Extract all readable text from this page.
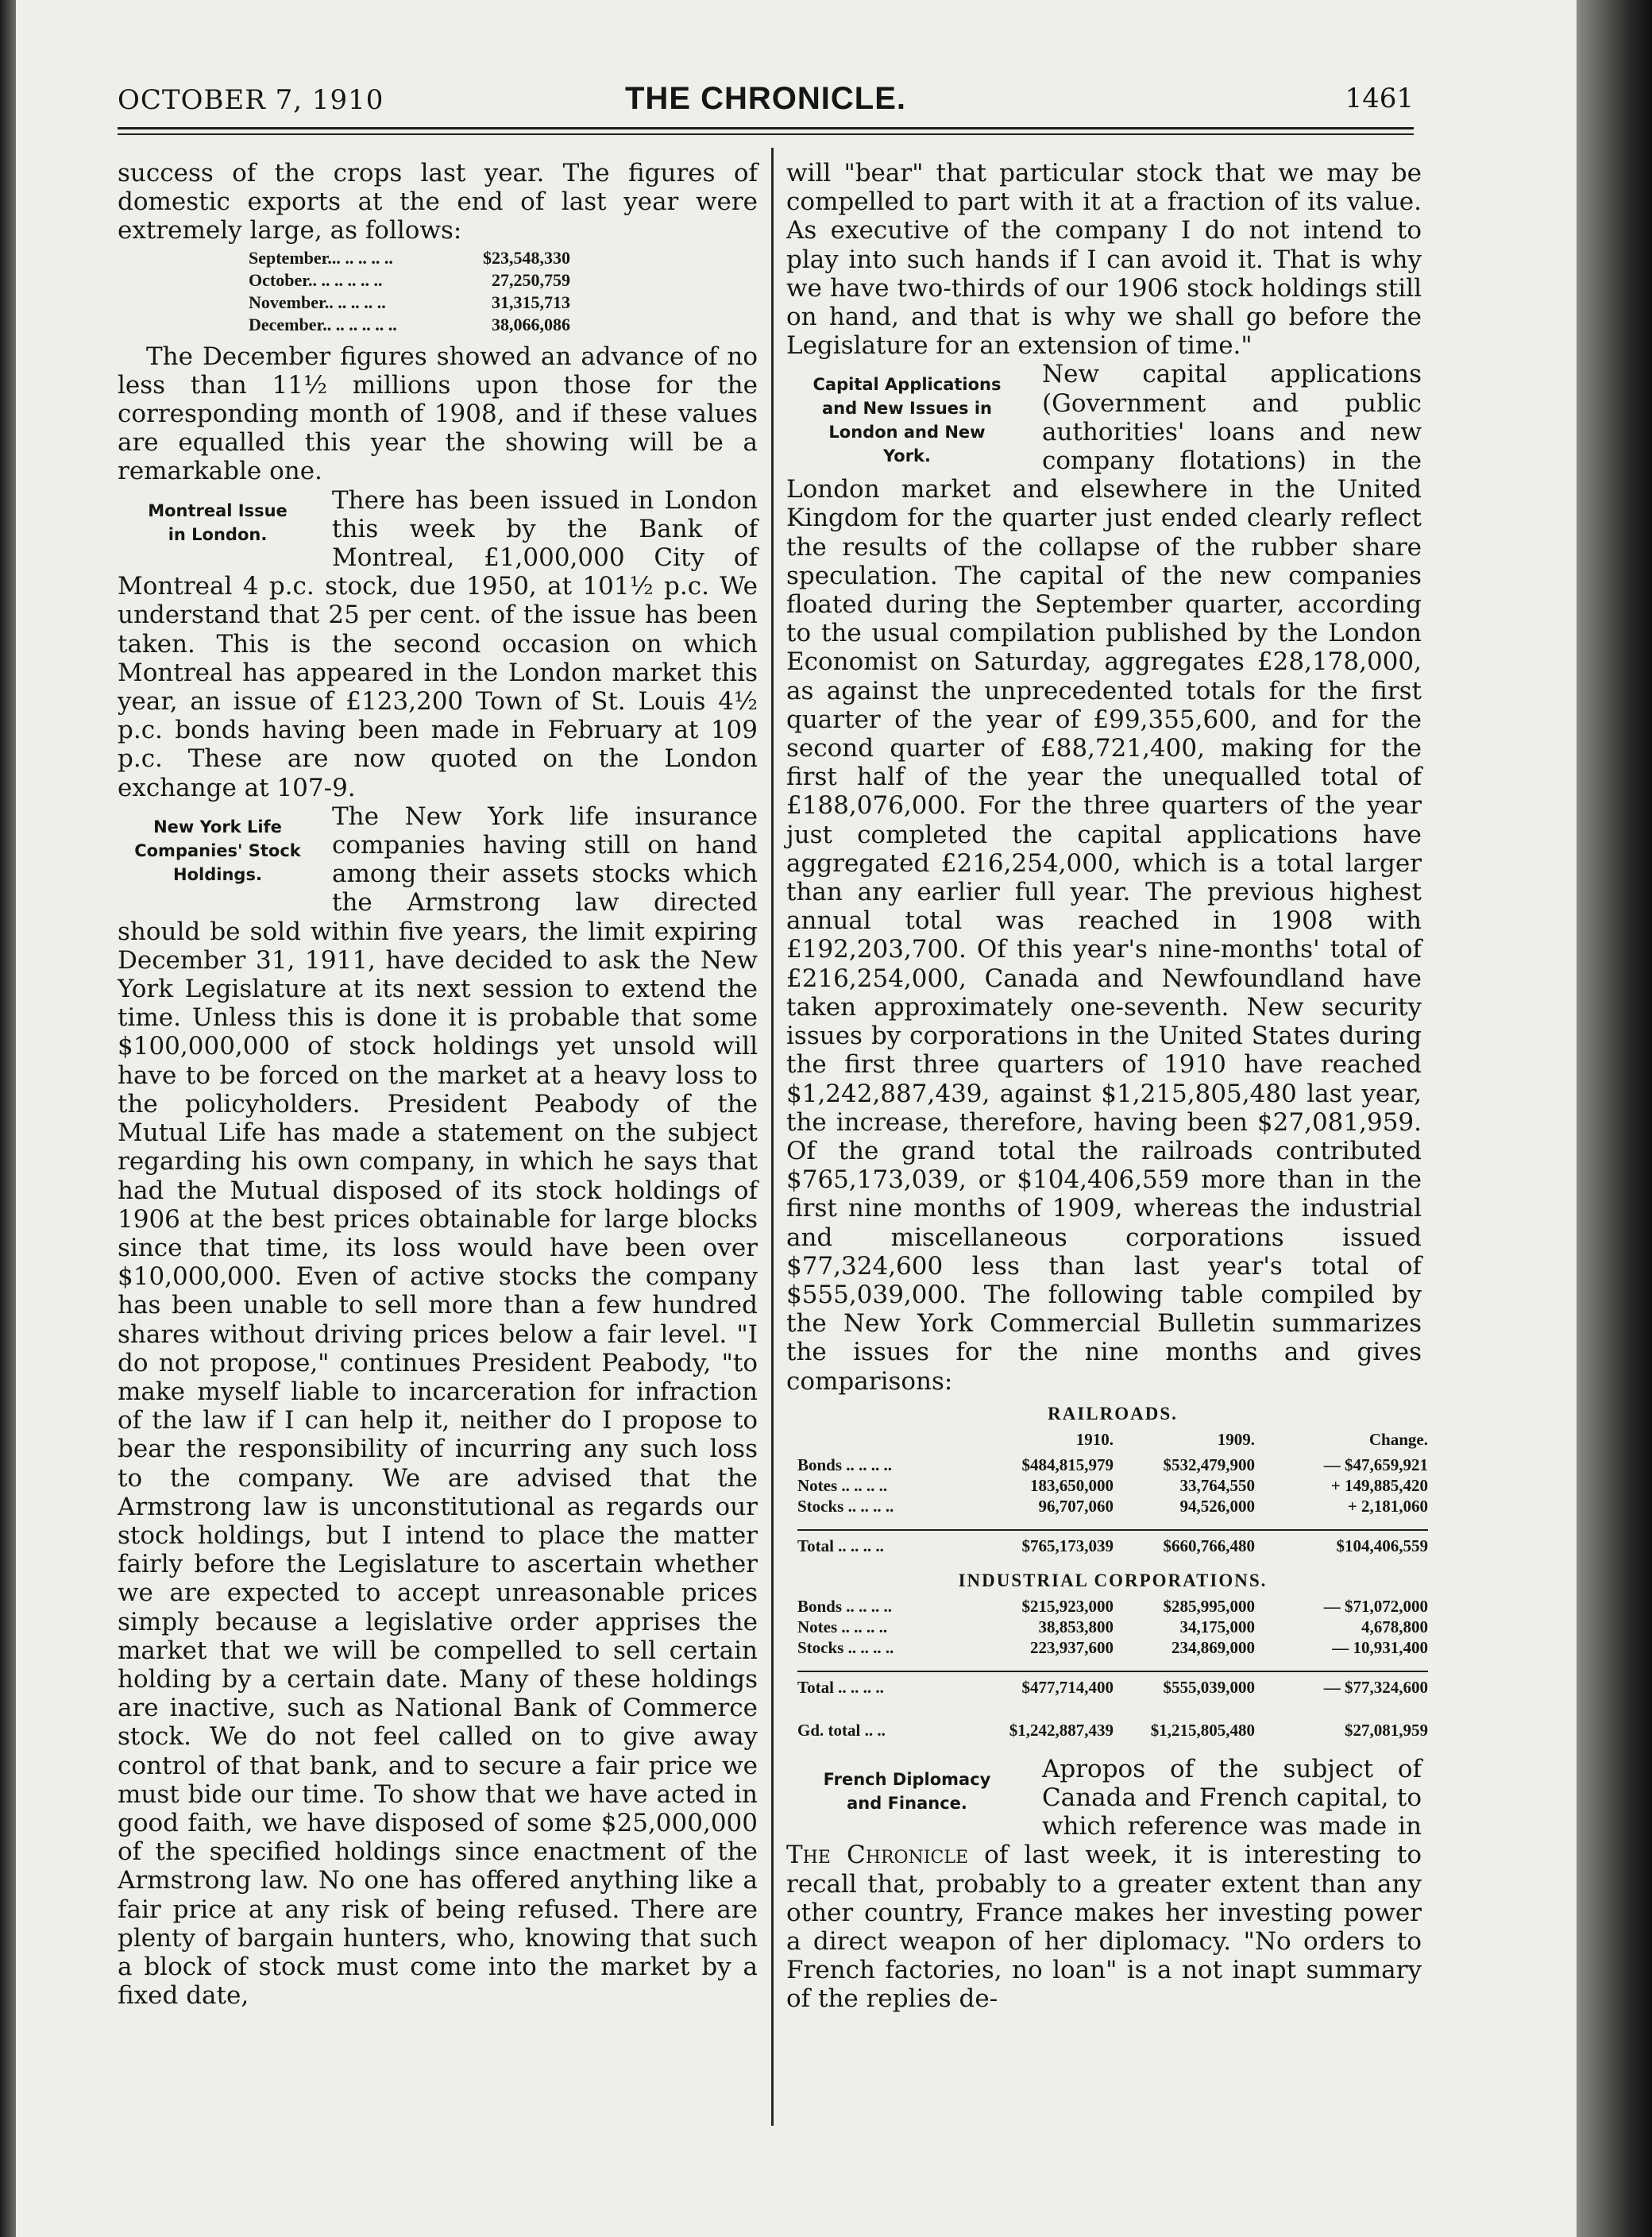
OCTOBER 7, 1910	THE CHRONICLE.	1461

success of the crops last year. The figures of domestic exports at the end of last year were extremely large, as follows:

September... .. .. .. ..	$23,548,330
October.. .. .. .. .. ..	27,250,759
November.. .. .. .. ..	31,315,713
December.. .. .. .. .. ..	38,066,086

The December figures showed an advance of no less than 11½ millions upon those for the corresponding month of 1908, and if these values are equalled this year the showing will be a remarkable one.

Montreal Issue
in London.

There has been issued in London this week by the Bank of Montreal, £1,000,000 City of Montreal 4 p.c. stock, due 1950, at 101½ p.c. We understand that 25 per cent. of the issue has been taken. This is the second occasion on which Montreal has appeared in the London market this year, an issue of £123,200 Town of St. Louis 4½ p.c. bonds having been made in February at 109 p.c. These are now quoted on the London exchange at 107-9.

New York Life
Companies' Stock
Holdings.

The New York life insurance companies having still on hand among their assets stocks which the Armstrong law directed should be sold within five years, the limit expiring December 31, 1911, have decided to ask the New York Legislature at its next session to extend the time. Unless this is done it is probable that some $100,000,000 of stock holdings yet unsold will have to be forced on the market at a heavy loss to the policyholders. President Peabody of the Mutual Life has made a statement on the subject regarding his own company, in which he says that had the Mutual disposed of its stock holdings of 1906 at the best prices obtainable for large blocks since that time, its loss would have been over $10,000,000. Even of active stocks the company has been unable to sell more than a few hundred shares without driving prices below a fair level. "I do not propose," continues President Peabody, "to make myself liable to incarceration for infraction of the law if I can help it, neither do I propose to bear the responsibility of incurring any such loss to the company. We are advised that the Armstrong law is unconstitutional as regards our stock holdings, but I intend to place the matter fairly before the Legislature to ascertain whether we are expected to accept unreasonable prices simply because a legislative order apprises the market that we will be compelled to sell certain holding by a certain date. Many of these holdings are inactive, such as National Bank of Commerce stock. We do not feel called on to give away control of that bank, and to secure a fair price we must bide our time. To show that we have acted in good faith, we have disposed of some $25,000,000 of the specified holdings since enactment of the Armstrong law. No one has offered anything like a fair price at any risk of being refused. There are plenty of bargain hunters, who, knowing that such a block of stock must come into the market by a fixed date,

will "bear" that particular stock that we may be compelled to part with it at a fraction of its value. As executive of the company I do not intend to play into such hands if I can avoid it. That is why we have two-thirds of our 1906 stock holdings still on hand, and that is why we shall go before the Legislature for an extension of time."

Capital Applications
and New Issues in
London and New
York.

New capital applications (Government and public authorities' loans and new company flotations) in the London market and elsewhere in the United Kingdom for the quarter just ended clearly reflect the results of the collapse of the rubber share speculation. The capital of the new companies floated during the September quarter, according to the usual compilation published by the London Economist on Saturday, aggregates £28,178,000, as against the unprecedented totals for the first quarter of the year of £99,355,600, and for the second quarter of £88,721,400, making for the first half of the year the unequalled total of £188,076,000. For the three quarters of the year just completed the capital applications have aggregated £216,254,000, which is a total larger than any earlier full year. The previous highest annual total was reached in 1908 with £192,203,700. Of this year's nine-months' total of £216,254,000, Canada and Newfoundland have taken approximately one-seventh. New security issues by corporations in the United States during the first three quarters of 1910 have reached $1,242,887,439, against $1,215,805,480 last year, the increase, therefore, having been $27,081,959. Of the grand total the railroads contributed $765,173,039, or $104,406,559 more than in the first nine months of 1909, whereas the industrial and miscellaneous corporations issued $77,324,600 less than last year's total of $555,039,000. The following table compiled by the New York Commercial Bulletin summarizes the issues for the nine months and gives comparisons:

RAILROADS.
1910.	1909.	Change.
Bonds .. .. .. ..	$484,815,979	$532,479,900	— $47,659,921
Notes .. .. .. ..	183,650,000	33,764,550	+ 149,885,420
Stocks .. .. .. ..	96,707,060	94,526,000	+ 2,181,060
Total .. .. .. ..	$765,173,039	$660,766,480	$104,406,559
INDUSTRIAL CORPORATIONS.
Bonds .. .. .. ..	$215,923,000	$285,995,000	— $71,072,000
Notes .. .. .. ..	38,853,800	34,175,000	4,678,800
Stocks .. .. .. ..	223,937,600	234,869,000	— 10,931,400
Total .. .. .. ..	$477,714,400	$555,039,000	— $77,324,600
Gd. total .. ..	$1,242,887,439	$1,215,805,480	$27,081,959
French Diplomacy
and Finance.

Apropos of the subject of Canada and French capital, to which reference was made in The Chronicle of last week, it is interesting to recall that, probably to a greater extent than any other country, France makes her investing power a direct weapon of her diplomacy. "No orders to French factories, no loan" is a not inapt summary of the replies de-
